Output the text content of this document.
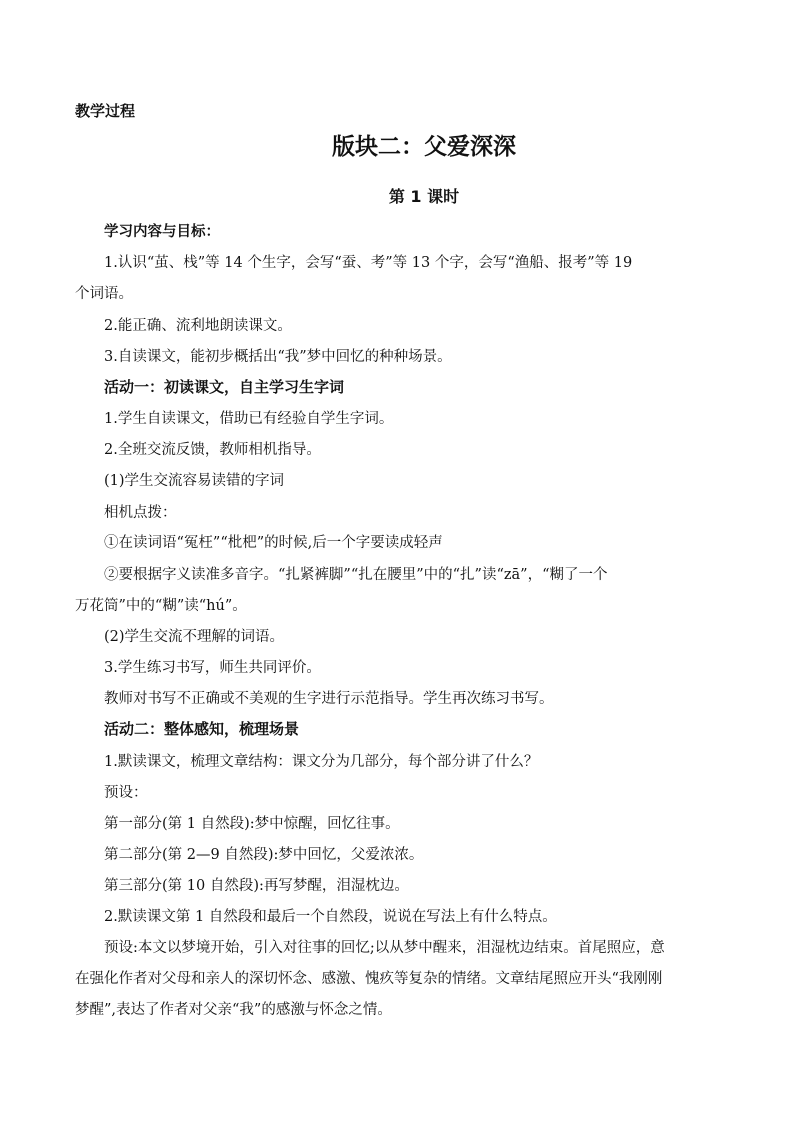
教学过程
版块二：父爱深深
第 1 课时
学习内容与目标：
1.认识“茧、栈”等 14 个生字，会写“蚕、考”等 13 个字，会写“渔船、报考”等 19
个词语。
2.能正确、流利地朗读课文。
3.自读课文，能初步概括出“我”梦中回忆的种种场景。
活动一：初读课文，自主学习生字词
1.学生自读课文，借助已有经验自学生字词。
2.全班交流反馈，教师相机指导。
(1)学生交流容易读错的字词
相机点拨：
①在读词语“冤枉”“枇杷”的时候,后一个字要读成轻声
②要根据字义读准多音字。“扎紧裤脚”“扎在腰里”中的“扎”读“zā”，“糊了一个
万花筒”中的“糊”读“hú”。
(2)学生交流不理解的词语。
3.学生练习书写，师生共同评价。
教师对书写不正确或不美观的生字进行示范指导。学生再次练习书写。
活动二：整体感知，梳理场景
1.默读课文，梳理文章结构：课文分为几部分，每个部分讲了什么？
预设：
第一部分(第 1 自然段):梦中惊醒，回忆往事。
第二部分(第 2—9 自然段):梦中回忆，父爱浓浓。
第三部分(第 10 自然段):再写梦醒，泪湿枕边。
2.默读课文第 1 自然段和最后一个自然段，说说在写法上有什么特点。
预设:本文以梦境开始，引入对往事的回忆;以从梦中醒来，泪湿枕边结束。首尾照应，意
在强化作者对父母和亲人的深切怀念、感激、愧疚等复杂的情绪。文章结尾照应开头“我刚刚
梦醒”,表达了作者对父亲“我”的感激与怀念之情。
